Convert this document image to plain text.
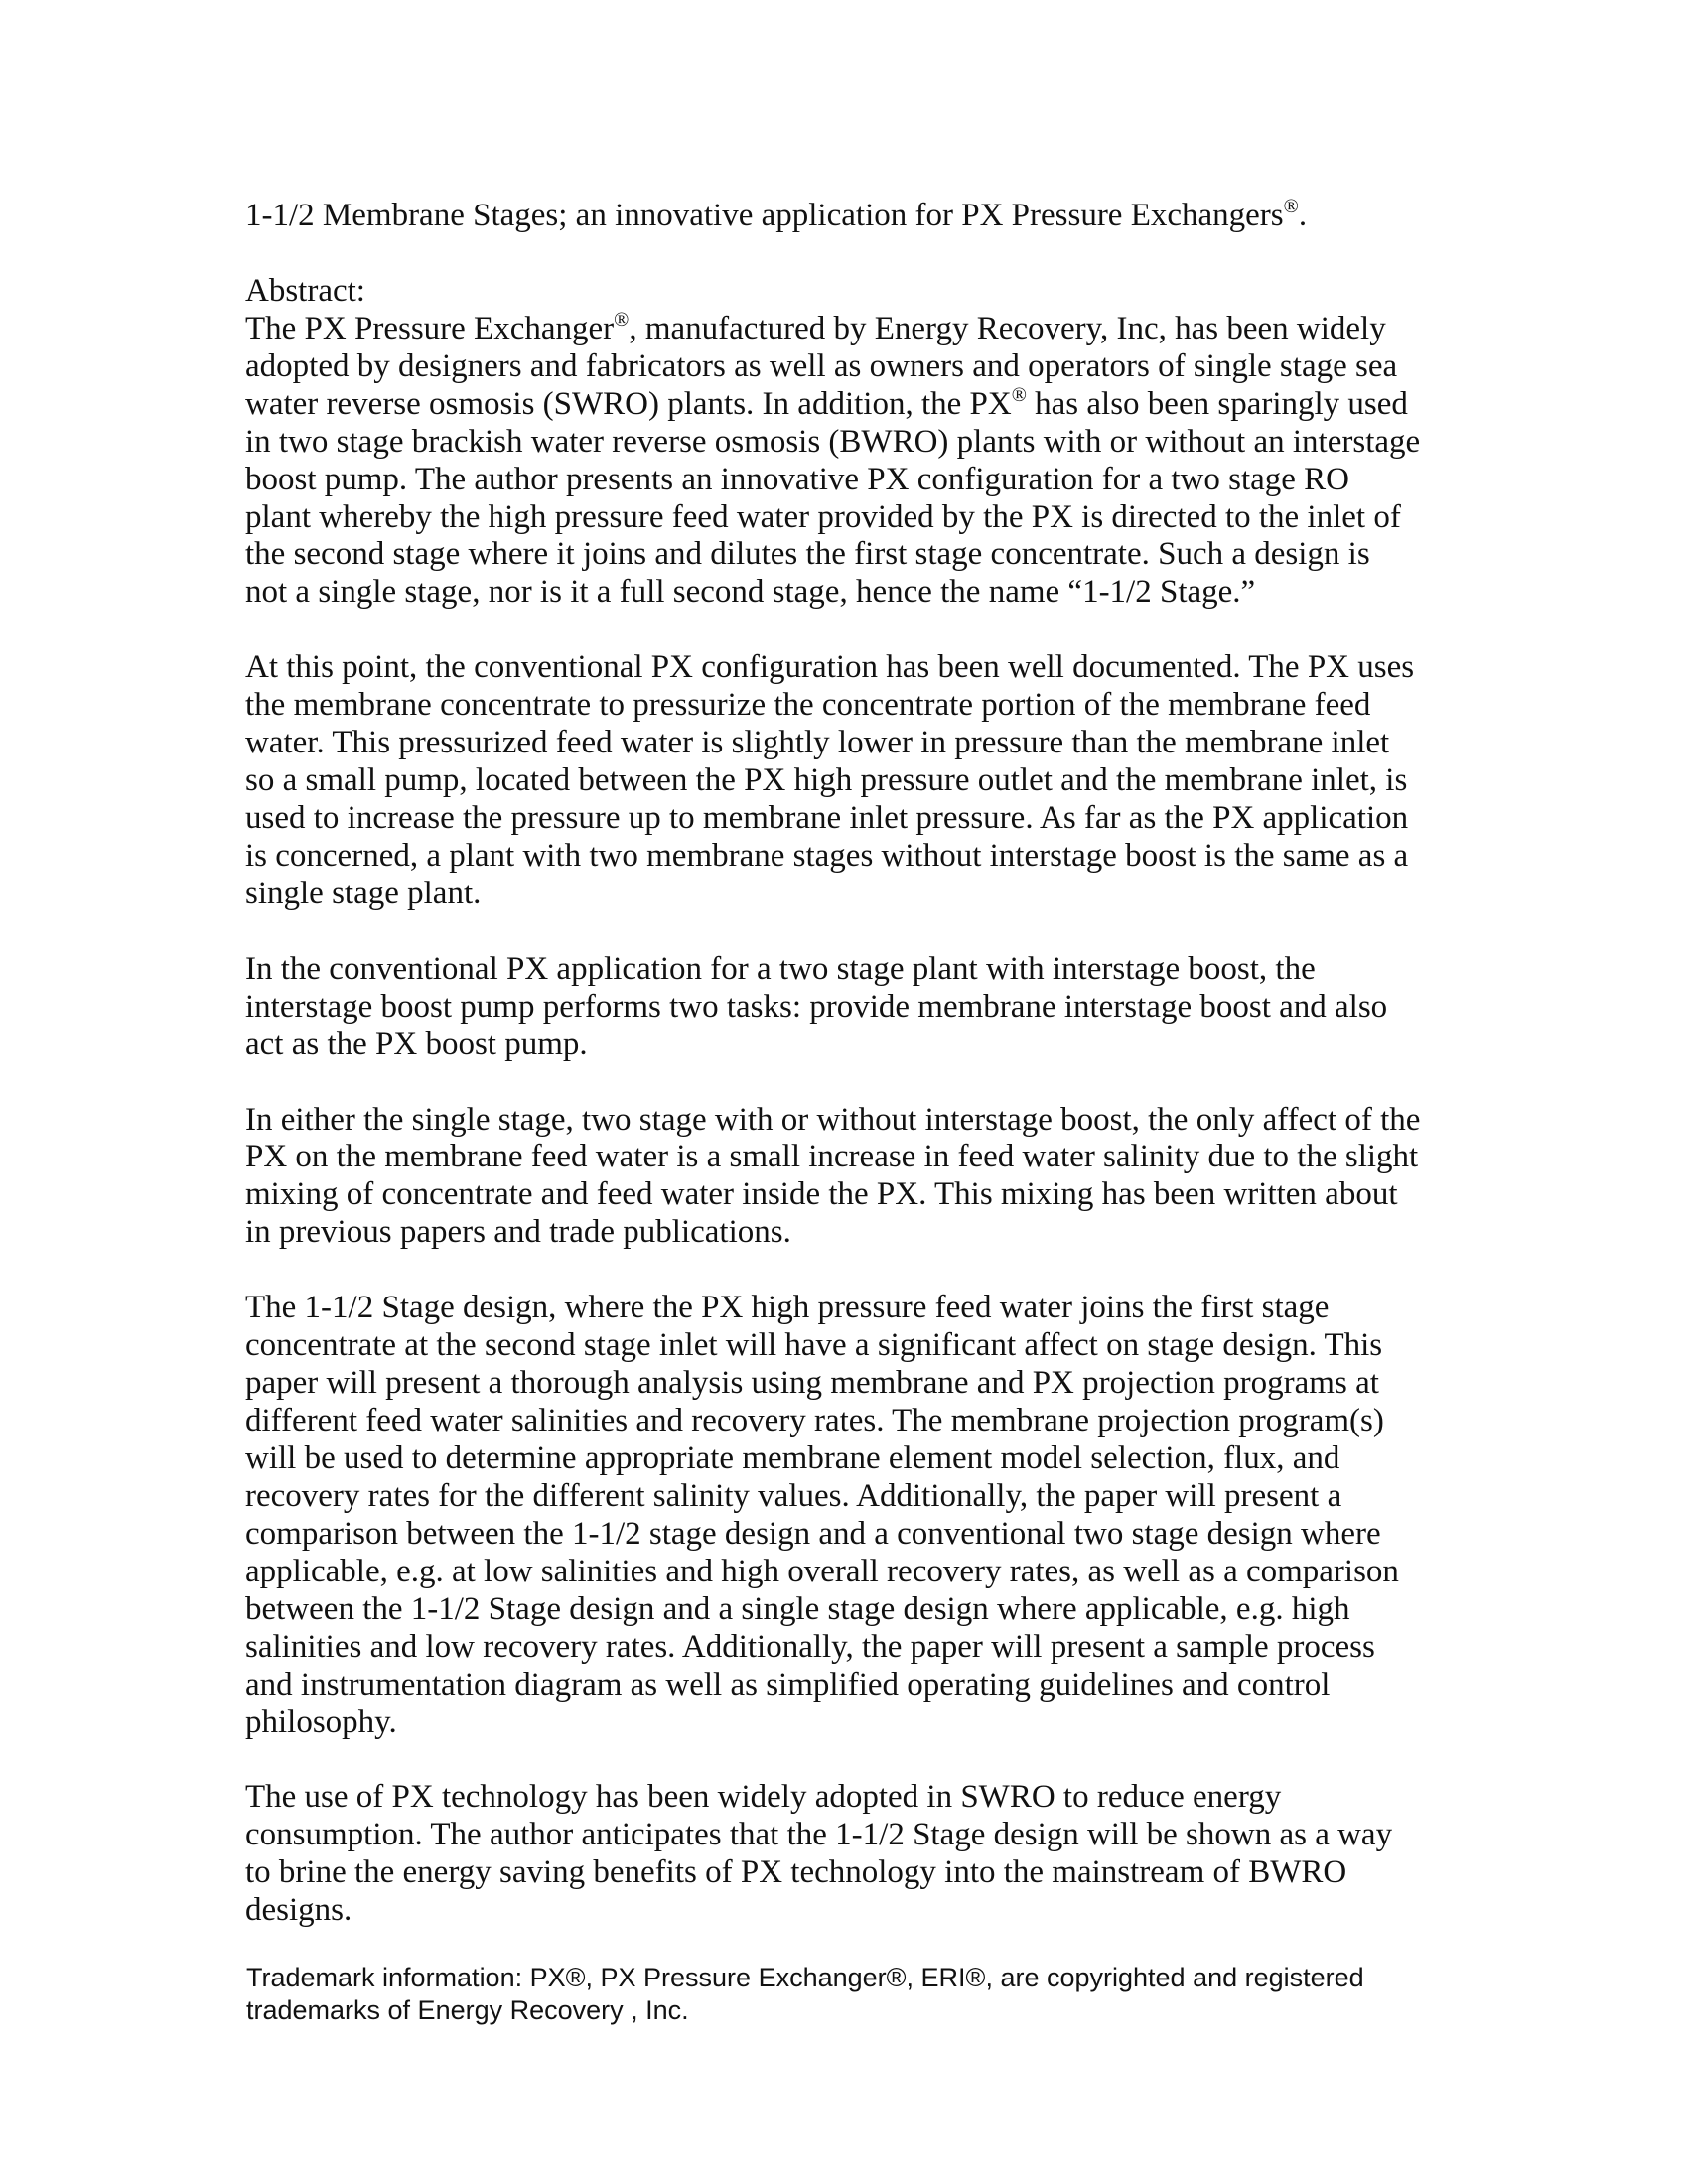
1-1/2 Membrane Stages; an innovative application for PX Pressure Exchangers®.
Abstract:
The PX Pressure Exchanger®, manufactured by Energy Recovery, Inc, has been widely
adopted by designers and fabricators as well as owners and operators of single stage sea
water reverse osmosis (SWRO) plants. In addition, the PX® has also been sparingly used
in two stage brackish water reverse osmosis (BWRO) plants with or without an interstage
boost pump. The author presents an innovative PX configuration for a two stage RO
plant whereby the high pressure feed water provided by the PX is directed to the inlet of
the second stage where it joins and dilutes the first stage concentrate. Such a design is
not a single stage, nor is it a full second stage, hence the name “1-1/2 Stage.”
At this point, the conventional PX configuration has been well documented. The PX uses
the membrane concentrate to pressurize the concentrate portion of the membrane feed
water. This pressurized feed water is slightly lower in pressure than the membrane inlet
so a small pump, located between the PX high pressure outlet and the membrane inlet, is
used to increase the pressure up to membrane inlet pressure. As far as the PX application
is concerned, a plant with two membrane stages without interstage boost is the same as a
single stage plant.
In the conventional PX application for a two stage plant with interstage boost, the
interstage boost pump performs two tasks: provide membrane interstage boost and also
act as the PX boost pump.
In either the single stage, two stage with or without interstage boost, the only affect of the
PX on the membrane feed water is a small increase in feed water salinity due to the slight
mixing of concentrate and feed water inside the PX. This mixing has been written about
in previous papers and trade publications.
The 1-1/2 Stage design, where the PX high pressure feed water joins the first stage
concentrate at the second stage inlet will have a significant affect on stage design. This
paper will present a thorough analysis using membrane and PX projection programs at
different feed water salinities and recovery rates. The membrane projection program(s)
will be used to determine appropriate membrane element model selection, flux, and
recovery rates for the different salinity values. Additionally, the paper will present a
comparison between the 1-1/2 stage design and a conventional two stage design where
applicable, e.g. at low salinities and high overall recovery rates, as well as a comparison
between the 1-1/2 Stage design and a single stage design where applicable, e.g. high
salinities and low recovery rates. Additionally, the paper will present a sample process
and instrumentation diagram as well as simplified operating guidelines and control
philosophy.
The use of PX technology has been widely adopted in SWRO to reduce energy
consumption. The author anticipates that the 1-1/2 Stage design will be shown as a way
to brine the energy saving benefits of PX technology into the mainstream of BWRO
designs.
Trademark information: PX®, PX Pressure Exchanger®, ERI®, are copyrighted and registered
trademarks of Energy Recovery , Inc.
